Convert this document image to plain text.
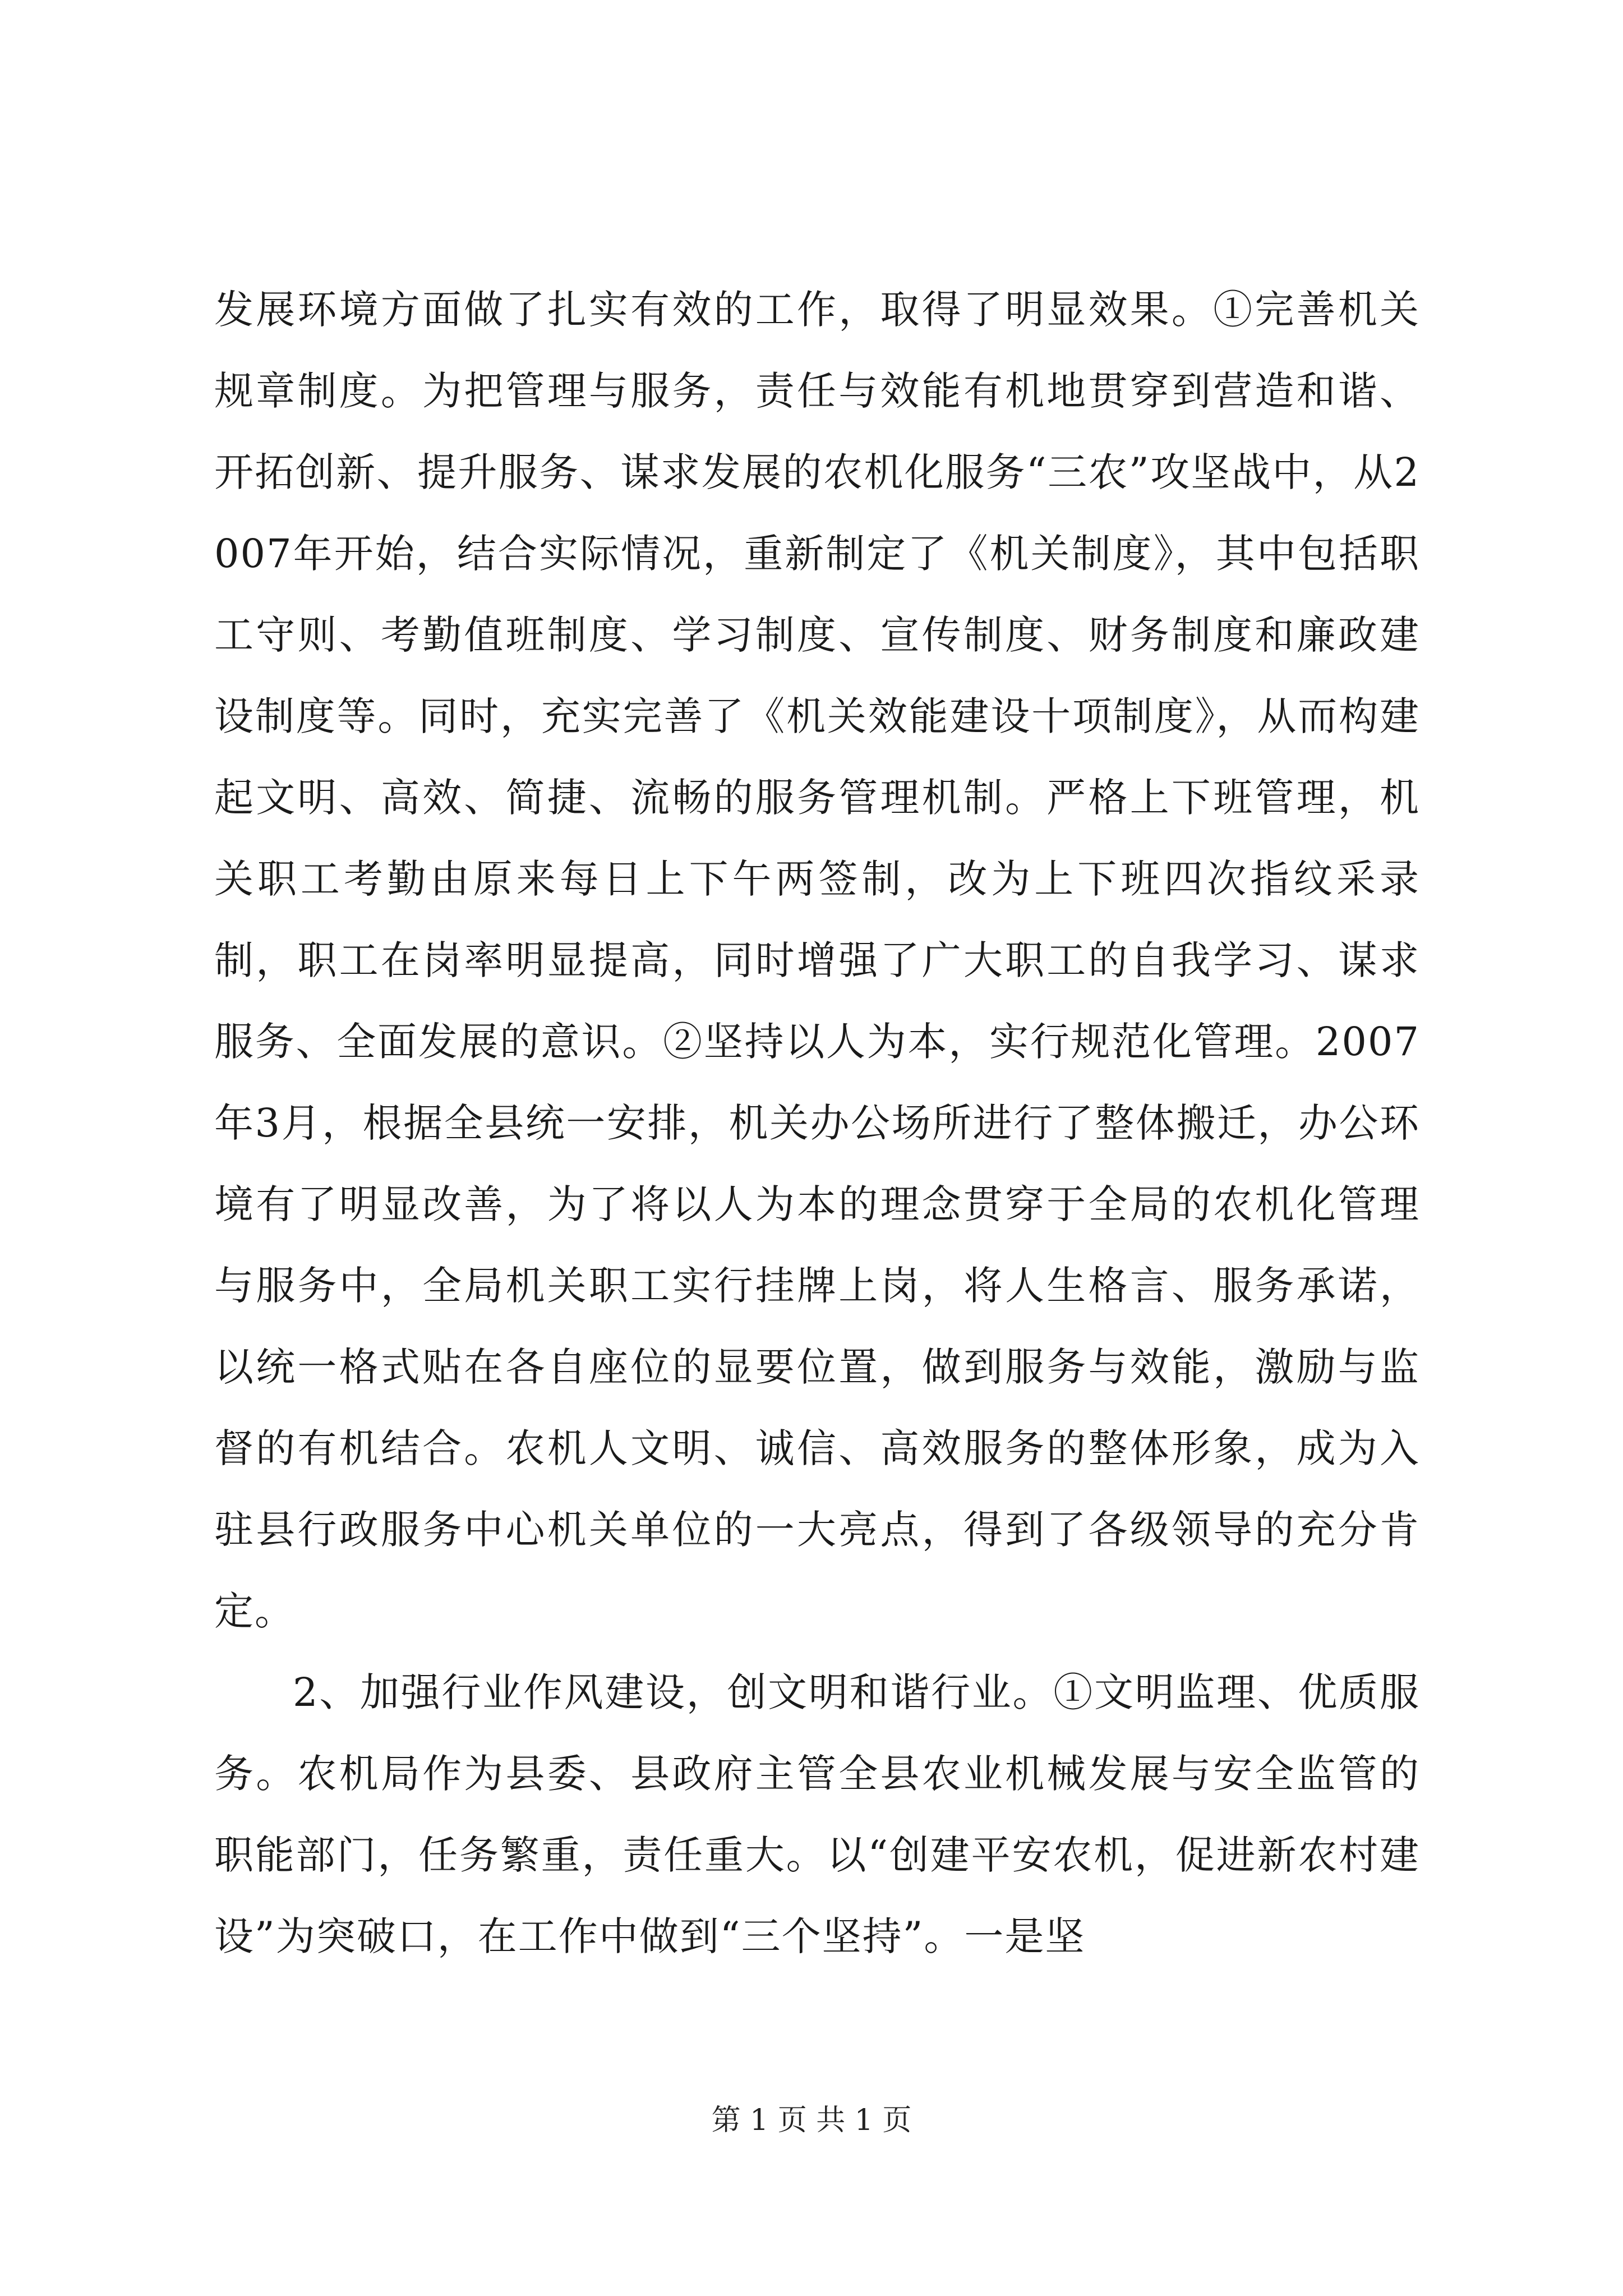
发展环境方面做了扎实有效的工作，取得了明显效果。①完善机关规章制度。为把管理与服务，责任与效能有机地贯穿到营造和谐、开拓创新、提升服务、谋求发展的农机化服务“三农”攻坚战中，从2007年开始，结合实际情况，重新制定了《机关制度》，其中包括职工守则、考勤值班制度、学习制度、宣传制度、财务制度和廉政建设制度等。同时，充实完善了《机关效能建设十项制度》，从而构建起文明、高效、简捷、流畅的服务管理机制。严格上下班管理，机关职工考勤由原来每日上下午两签制，改为上下班四次指纹采录制，职工在岗率明显提高，同时增强了广大职工的自我学习、谋求服务、全面发展的意识。②坚持以人为本，实行规范化管理。2007年3月，根据全县统一安排，机关办公场所进行了整体搬迁，办公环境有了明显改善，为了将以人为本的理念贯穿于全局的农机化管理与服务中，全局机关职工实行挂牌上岗，将人生格言、服务承诺，以统一格式贴在各自座位的显要位置，做到服务与效能，激励与监督的有机结合。农机人文明、诚信、高效服务的整体形象，成为入驻县行政服务中心机关单位的一大亮点，得到了各级领导的充分肯定。

2、加强行业作风建设，创文明和谐行业。①文明监理、优质服务。农机局作为县委、县政府主管全县农业机械发展与安全监管的职能部门，任务繁重，责任重大。以“创建平安农机，促进新农村建设”为突破口，在工作中做到“三个坚持”。一是坚

第 1 页 共 1 页
